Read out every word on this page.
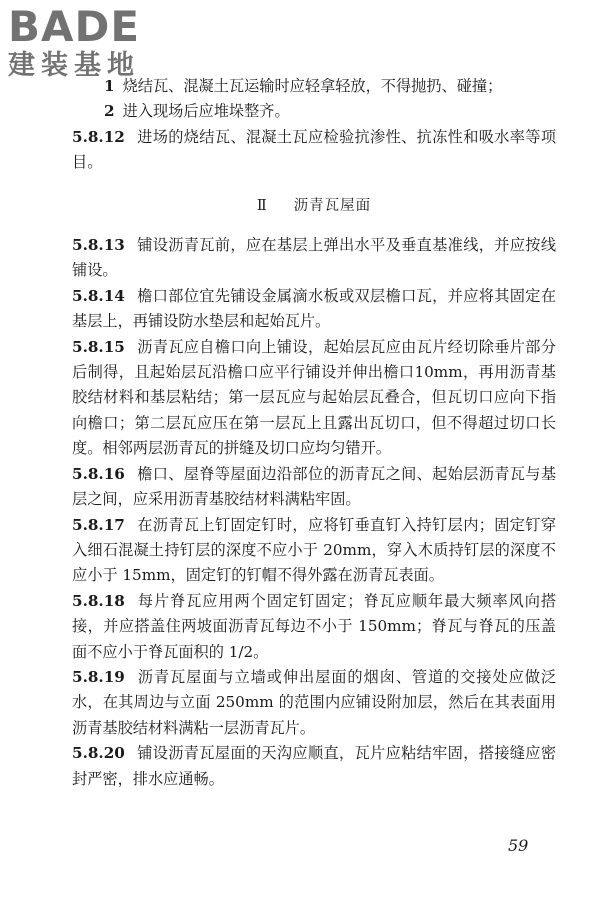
BADE
建装基地

1 烧结瓦、混凝土瓦运输时应轻拿轻放，不得抛扔、碰撞；

2 进入现场后应堆垛整齐。

5.8.12 进场的烧结瓦、混凝土瓦应检验抗渗性、抗冻性和吸水率等项目。

Ⅱ 沥青瓦屋面

5.8.13 铺设沥青瓦前，应在基层上弹出水平及垂直基准线，并应按线铺设。

5.8.14 檐口部位宜先铺设金属滴水板或双层檐口瓦，并应将其固定在基层上，再铺设防水垫层和起始瓦片。

5.8.15 沥青瓦应自檐口向上铺设，起始层瓦应由瓦片经切除垂片部分后制得，且起始层瓦沿檐口应平行铺设并伸出檐口10mm，再用沥青基胶结材料和基层粘结；第一层瓦应与起始层瓦叠合，但瓦切口应向下指向檐口；第二层瓦应压在第一层瓦上且露出瓦切口，但不得超过切口长度。相邻两层沥青瓦的拼缝及切口应均匀错开。

5.8.16 檐口、屋脊等屋面边沿部位的沥青瓦之间、起始层沥青瓦与基层之间，应采用沥青基胶结材料满粘牢固。

5.8.17 在沥青瓦上钉固定钉时，应将钉垂直钉入持钉层内；固定钉穿入细石混凝土持钉层的深度不应小于 20mm，穿入木质持钉层的深度不应小于 15mm，固定钉的钉帽不得外露在沥青瓦表面。

5.8.18 每片脊瓦应用两个固定钉固定；脊瓦应顺年最大频率风向搭接，并应搭盖住两坡面沥青瓦每边不小于 150mm；脊瓦与脊瓦的压盖面不应小于脊瓦面积的 1/2。

5.8.19 沥青瓦屋面与立墙或伸出屋面的烟囱、管道的交接处应做泛水，在其周边与立面 250mm 的范围内应铺设附加层，然后在其表面用沥青基胶结材料满粘一层沥青瓦片。

5.8.20 铺设沥青瓦屋面的天沟应顺直，瓦片应粘结牢固，搭接缝应密封严密，排水应通畅。

59
